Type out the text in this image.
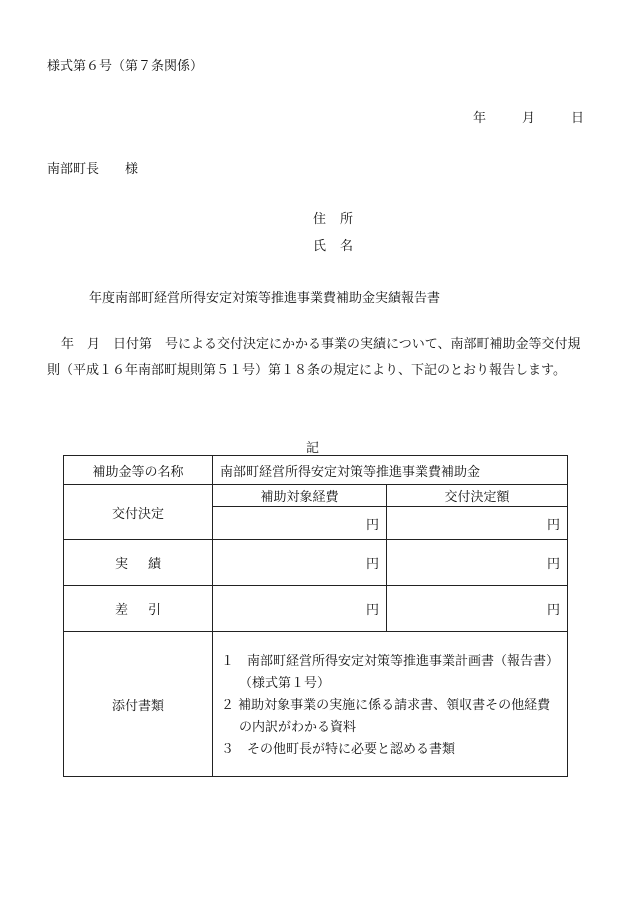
様式第６号（第７条関係）
年	月	日
南部町長　　様
住所
氏名
年度南部町経営所得安定対策等推進事業費補助金実績報告書
年　月　日付第　号による交付決定にかかる事業の実績について、南部町補助金等交付規則（平成１６年南部町規則第５１号）第１８条の規定により、下記のとおり報告します。
記
補助金等の名称	南部町経営所得安定対策等推進事業費補助金	
交付決定	補助対象経費	交付決定額
	円	円
実績	円	円
差引	円	円
添付書類	１　南部町経営所得安定対策等推進事業計画書（報告書）（様式第１号）
２ 補助対象事業の実施に係る請求書、領収書その他経費の内訳がわかる資料
３　その他町長が特に必要と認める書類	
